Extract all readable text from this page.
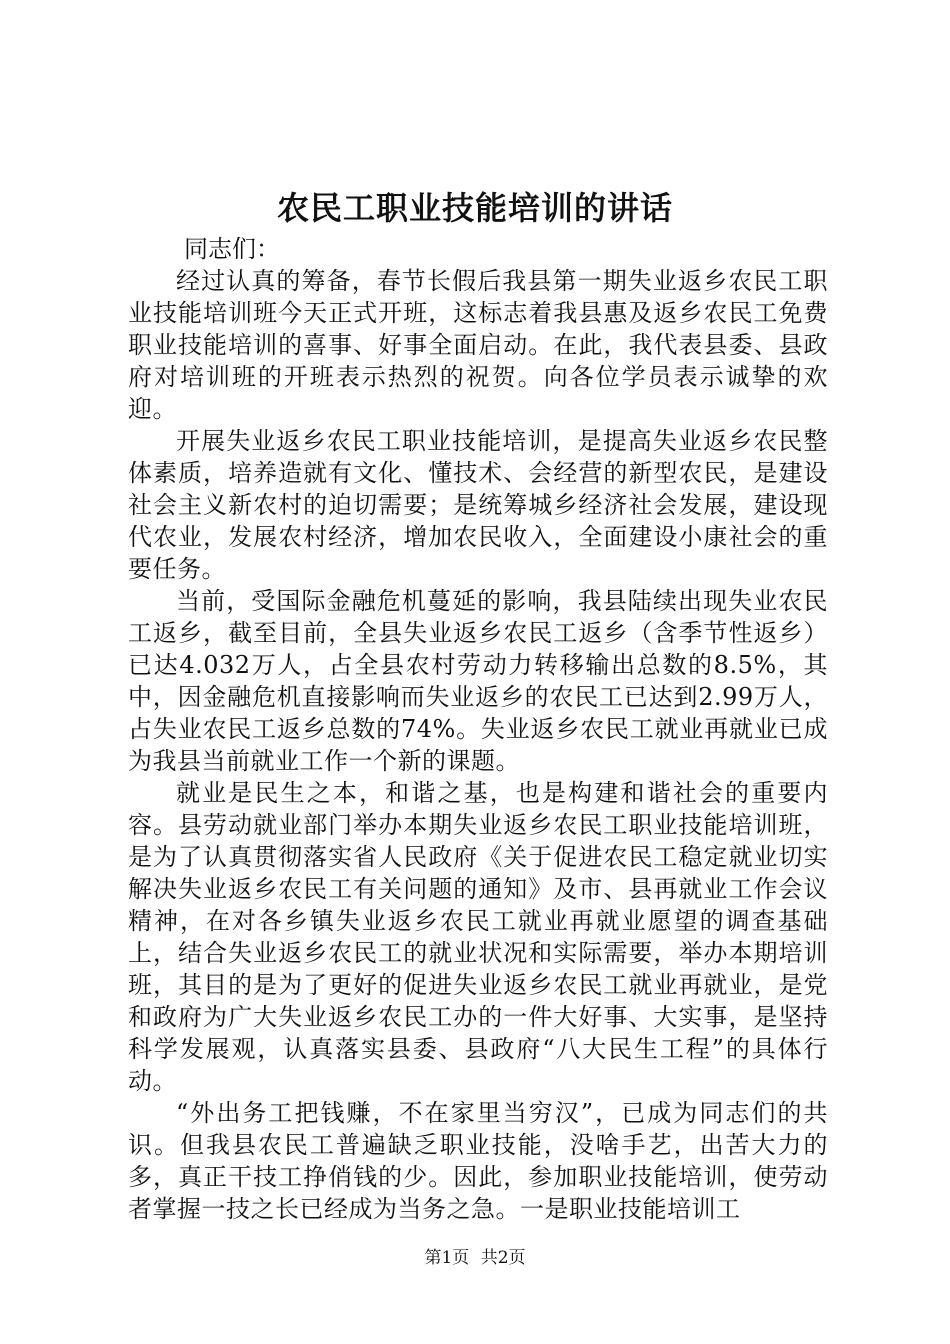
农民工职业技能培训的讲话
同志们：

经过认真的筹备，春节长假后我县第一期失业返乡农民工职业技能培训班今天正式开班，这标志着我县惠及返乡农民工免费职业技能培训的喜事、好事全面启动。在此，我代表县委、县政府对培训班的开班表示热烈的祝贺。向各位学员表示诚挚的欢迎。

开展失业返乡农民工职业技能培训，是提高失业返乡农民整体素质，培养造就有文化、懂技术、会经营的新型农民，是建设社会主义新农村的迫切需要；是统筹城乡经济社会发展，建设现代农业，发展农村经济，增加农民收入，全面建设小康社会的重要任务。

当前，受国际金融危机蔓延的影响，我县陆续出现失业农民工返乡，截至目前，全县失业返乡农民工返乡（含季节性返乡）已达4.032万人，占全县农村劳动力转移输出总数的8.5%，其中，因金融危机直接影响而失业返乡的农民工已达到2.99万人，占失业农民工返乡总数的74%。失业返乡农民工就业再就业已成为我县当前就业工作一个新的课题。

就业是民生之本，和谐之基，也是构建和谐社会的重要内容。县劳动就业部门举办本期失业返乡农民工职业技能培训班，是为了认真贯彻落实省人民政府《关于促进农民工稳定就业切实解决失业返乡农民工有关问题的通知》及市、县再就业工作会议精神，在对各乡镇失业返乡农民工就业再就业愿望的调查基础上，结合失业返乡农民工的就业状况和实际需要，举办本期培训班，其目的是为了更好的促进失业返乡农民工就业再就业，是党和政府为广大失业返乡农民工办的一件大好事、大实事，是坚持科学发展观，认真落实县委、县政府“八大民生工程”的具体行动。

“外出务工把钱赚，不在家里当穷汉”，已成为同志们的共识。但我县农民工普遍缺乏职业技能，没啥手艺，出苦大力的多，真正干技工挣俏钱的少。因此，参加职业技能培训，使劳动者掌握一技之长已经成为当务之急。一是职业技能培训工

第1页 共2页
